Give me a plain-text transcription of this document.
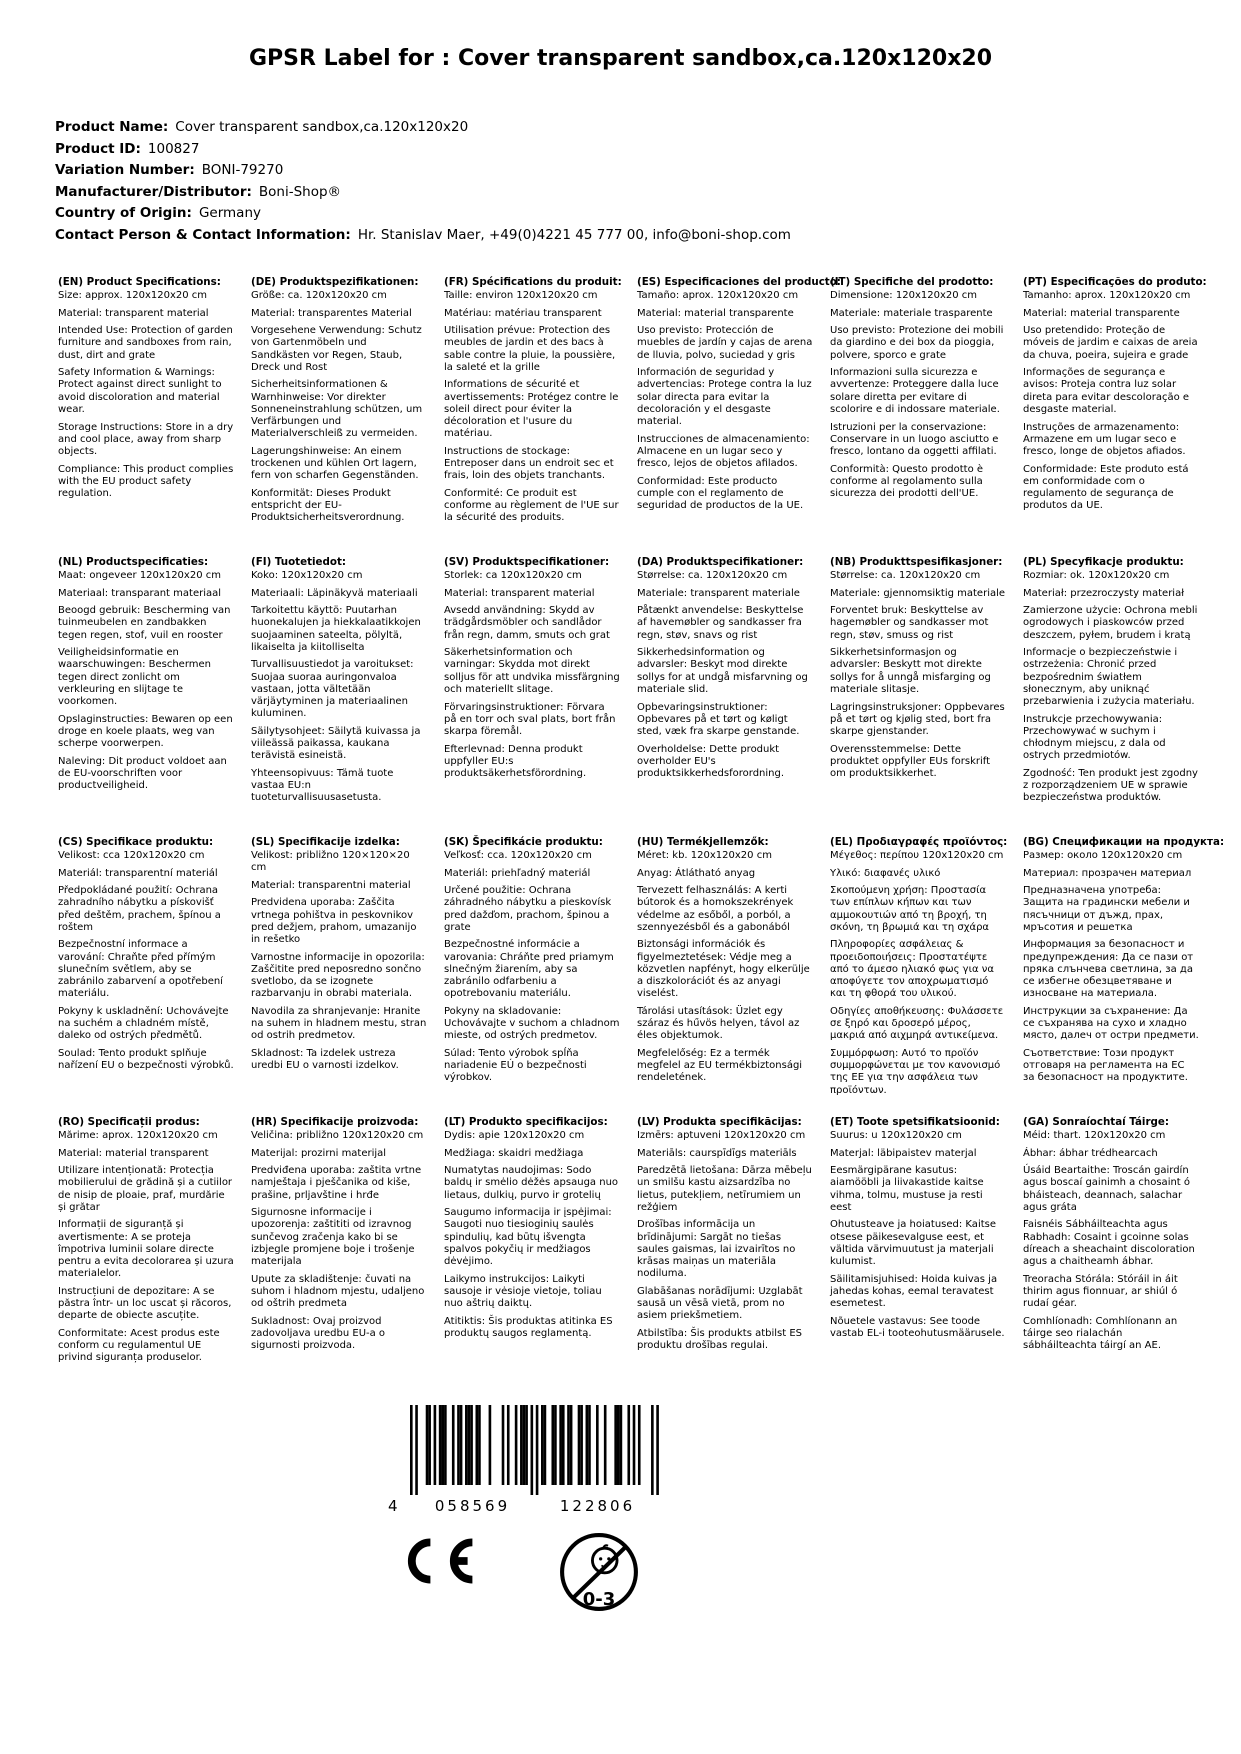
GPSR Label for : Cover transparent sandbox,ca.120x120x20
Product Name: Cover transparent sandbox,ca.120x120x20
Product ID: 100827
Variation Number: BONI-79270
Manufacturer/Distributor: Boni-Shop®
Country of Origin: Germany
Contact Person & Contact Information: Hr. Stanislav Maer, +49(0)4221 45 777 00, info@boni-shop.com
(EN) Product Specifications:

Size: approx. 120x120x20 cm

Material: transparent material

Intended Use: Protection of garden furniture and sandboxes from rain, dust, dirt and grate

Safety Information & Warnings: Protect against direct sunlight to avoid discoloration and material wear.

Storage Instructions: Store in a dry and cool place, away from sharp objects.

Compliance: This product complies with the EU product safety regulation.

(DE) Produktspezifikationen:

Größe: ca. 120x120x20 cm

Material: transparentes Material

Vorgesehene Verwendung: Schutz von Gartenmöbeln und Sandkästen vor Regen, Staub, Dreck und Rost

Sicherheitsinformationen & Warnhinweise: Vor direkter Sonneneinstrahlung schützen, um Verfärbungen und Materialverschleiß zu vermeiden.

Lagerungshinweise: An einem trockenen und kühlen Ort lagern, fern von scharfen Gegenständen.

Konformität: Dieses Produkt entspricht der EU-Produktsicherheitsverordnung.

(FR) Spécifications du produit:

Taille: environ 120x120x20 cm

Matériau: matériau transparent

Utilisation prévue: Protection des meubles de jardin et des bacs à sable contre la pluie, la poussière, la saleté et la grille

Informations de sécurité et avertissements: Protégez contre le soleil direct pour éviter la décoloration et l'usure du matériau.

Instructions de stockage: Entreposer dans un endroit sec et frais, loin des objets tranchants.

Conformité: Ce produit est conforme au règlement de l'UE sur la sécurité des produits.

(ES) Especificaciones del producto:

Tamaño: aprox. 120x120x20 cm

Material: material transparente

Uso previsto: Protección de muebles de jardín y cajas de arena de lluvia, polvo, suciedad y gris

Información de seguridad y advertencias: Protege contra la luz solar directa para evitar la decoloración y el desgaste material.

Instrucciones de almacenamiento: Almacene en un lugar seco y fresco, lejos de objetos afilados.

Conformidad: Este producto cumple con el reglamento de seguridad de productos de la UE.

(IT) Specifiche del prodotto:

Dimensione: 120x120x20 cm

Materiale: materiale trasparente

Uso previsto: Protezione dei mobili da giardino e dei box da pioggia, polvere, sporco e grate

Informazioni sulla sicurezza e avvertenze: Proteggere dalla luce solare diretta per evitare di scolorire e di indossare materiale.

Istruzioni per la conservazione: Conservare in un luogo asciutto e fresco, lontano da oggetti affilati.

Conformità: Questo prodotto è conforme al regolamento sulla sicurezza dei prodotti dell'UE.

(PT) Especificações do produto:

Tamanho: aprox. 120x120x20 cm

Material: material transparente

Uso pretendido: Proteção de móveis de jardim e caixas de areia da chuva, poeira, sujeira e grade

Informações de segurança e avisos: Proteja contra luz solar direta para evitar descoloração e desgaste material.

Instruções de armazenamento: Armazene em um lugar seco e fresco, longe de objetos afiados.

Conformidade: Este produto está em conformidade com o regulamento de segurança de produtos da UE.

(NL) Productspecificaties:

Maat: ongeveer 120x120x20 cm

Materiaal: transparant materiaal

Beoogd gebruik: Bescherming van tuinmeubelen en zandbakken tegen regen, stof, vuil en rooster

Veiligheidsinformatie en waarschuwingen: Beschermen tegen direct zonlicht om verkleuring en slijtage te voorkomen.

Opslaginstructies: Bewaren op een droge en koele plaats, weg van scherpe voorwerpen.

Naleving: Dit product voldoet aan de EU-voorschriften voor productveiligheid.

(FI) Tuotetiedot:

Koko: 120x120x20 cm

Materiaali: Läpinäkyvä materiaali

Tarkoitettu käyttö: Puutarhan huonekalujen ja hiekkalaatikkojen suojaaminen sateelta, pölyltä, likaiselta ja kiitolliselta

Turvallisuustiedot ja varoitukset: Suojaa suoraa auringonvaloa vastaan, jotta vältetään värjäytyminen ja materiaalinen kuluminen.

Säilytysohjeet: Säilytä kuivassa ja viileässä paikassa, kaukana terävistä esineistä.

Yhteensopivuus: Tämä tuote vastaa EU:n tuoteturvallisuusasetusta.

(SV) Produktspecifikationer:

Storlek: ca 120x120x20 cm

Material: transparent material

Avsedd användning: Skydd av trädgårdsmöbler och sandlådor från regn, damm, smuts och grat

Säkerhetsinformation och varningar: Skydda mot direkt solljus för att undvika missfärgning och materiellt slitage.

Förvaringsinstruktioner: Förvara på en torr och sval plats, bort från skarpa föremål.

Efterlevnad: Denna produkt uppfyller EU:s produktsäkerhetsförordning.

(DA) Produktspecifikationer:

Størrelse: ca. 120x120x20 cm

Materiale: transparent materiale

Påtænkt anvendelse: Beskyttelse af havemøbler og sandkasser fra regn, støv, snavs og rist

Sikkerhedsinformation og advarsler: Beskyt mod direkte sollys for at undgå misfarvning og materiale slid.

Opbevaringsinstruktioner: Opbevares på et tørt og køligt sted, væk fra skarpe genstande.

Overholdelse: Dette produkt overholder EU's produktsikkerhedsforordning.

(NB) Produkttspesifikasjoner:

Størrelse: ca. 120x120x20 cm

Materiale: gjennomsiktig materiale

Forventet bruk: Beskyttelse av hagemøbler og sandkasser mot regn, støv, smuss og rist

Sikkerhetsinformasjon og advarsler: Beskytt mot direkte sollys for å unngå misfarging og materiale slitasje.

Lagringsinstruksjoner: Oppbevares på et tørt og kjølig sted, bort fra skarpe gjenstander.

Overensstemmelse: Dette produktet oppfyller EUs forskrift om produktsikkerhet.

(PL) Specyfikacje produktu:

Rozmiar: ok. 120x120x20 cm

Materiał: przezroczysty materiał

Zamierzone użycie: Ochrona mebli ogrodowych i piaskowców przed deszczem, pyłem, brudem i kratą

Informacje o bezpieczeństwie i ostrzeżenia: Chronić przed bezpośrednim światłem słonecznym, aby uniknąć przebarwienia i zużycia materiału.

Instrukcje przechowywania: Przechowywać w suchym i chłodnym miejscu, z dala od ostrych przedmiotów.

Zgodność: Ten produkt jest zgodny z rozporządzeniem UE w sprawie bezpieczeństwa produktów.

(CS) Specifikace produktu:

Velikost: cca 120x120x20 cm

Materiál: transparentní materiál

Předpokládané použití: Ochrana zahradního nábytku a pískovišť před deštěm, prachem, špínou a roštem

Bezpečnostní informace a varování: Chraňte před přímým slunečním světlem, aby se zabránilo zabarvení a opotřebení materiálu.

Pokyny k uskladnění: Uchovávejte na suchém a chladném místě, daleko od ostrých předmětů.

Soulad: Tento produkt splňuje nařízení EU o bezpečnosti výrobků.

(SL) Specifikacije izdelka:

Velikost: približno 120×120×20 cm

Material: transparentni material

Predvidena uporaba: Zaščita vrtnega pohištva in peskovnikov pred dežjem, prahom, umazanijo in rešetko

Varnostne informacije in opozorila: Zaščitite pred neposredno sončno svetlobo, da se izognete razbarvanju in obrabi materiala.

Navodila za shranjevanje: Hranite na suhem in hladnem mestu, stran od ostrih predmetov.

Skladnost: Ta izdelek ustreza uredbi EU o varnosti izdelkov.

(SK) Špecifikácie produktu:

Veľkosť: cca. 120x120x20 cm

Materiál: priehľadný materiál

Určené použitie: Ochrana záhradného nábytku a pieskovísk pred dažďom, prachom, špinou a grate

Bezpečnostné informácie a varovania: Chráňte pred priamym slnečným žiarením, aby sa zabránilo odfarbeniu a opotrebovaniu materiálu.

Pokyny na skladovanie: Uchovávajte v suchom a chladnom mieste, od ostrých predmetov.

Súlad: Tento výrobok spĺňa nariadenie EÚ o bezpečnosti výrobkov.

(HU) Termékjellemzők:

Méret: kb. 120x120x20 cm

Anyag: Átlátható anyag

Tervezett felhasználás: A kerti bútorok és a homokszekrények védelme az esőből, a porból, a szennyezésből és a gabonából

Biztonsági információk és figyelmeztetések: Védje meg a közvetlen napfényt, hogy elkerülje a diszkolorációt és az anyagi viselést.

Tárolási utasítások: Üzlet egy száraz és hűvös helyen, távol az éles objektumok.

Megfelelőség: Ez a termék megfelel az EU termékbiztonsági rendeletének.

(EL) Προδιαγραφές προϊόντος:

Μέγεθος: περίπου 120x120x20 cm

Υλικό: διαφανές υλικό

Σκοπούμενη χρήση: Προστασία των επίπλων κήπων και των αμμοκουτιών από τη βροχή, τη σκόνη, τη βρωμιά και τη σχάρα

Πληροφορίες ασφάλειας & προειδοποιήσεις: Προστατέψτε από το άμεσο ηλιακό φως για να αποφύγετε τον αποχρωματισμό και τη φθορά του υλικού.

Οδηγίες αποθήκευσης: Φυλάσσετε σε ξηρό και δροσερό μέρος, μακριά από αιχμηρά αντικείμενα.

Συμμόρφωση: Αυτό το προϊόν συμμορφώνεται με τον κανονισμό της ΕΕ για την ασφάλεια των προϊόντων.

(BG) Спецификации на продукта:

Размер: около 120x120x20 cm

Материал: прозрачен материал

Предназначена употреба: Защита на градински мебели и пясъчници от дъжд, прах, мръсотия и решетка

Информация за безопасност и предупреждения: Да се пази от пряка слънчева светлина, за да се избегне обезцветяване и износване на материала.

Инструкции за съхранение: Да се съхранява на сухо и хладно място, далеч от остри предмети.

Съответствие: Този продукт отговаря на регламента на ЕС за безопасност на продуктите.

(RO) Specificații produs:

Mărime: aprox. 120x120x20 cm

Material: material transparent

Utilizare intenționată: Protecția mobilierului de grădină și a cutiilor de nisip de ploaie, praf, murdărie și grătar

Informații de siguranță și avertismente: A se proteja împotriva luminii solare directe pentru a evita decolorarea și uzura materialelor.

Instrucțiuni de depozitare: A se păstra într- un loc uscat și răcoros, departe de obiecte ascuțite.

Conformitate: Acest produs este conform cu regulamentul UE privind siguranța produselor.

(HR) Specifikacije proizvoda:

Veličina: približno 120x120x20 cm

Materijal: prozirni materijal

Predviđena uporaba: zaštita vrtne namještaja i pješčanika od kiše, prašine, prljavštine i hrđe

Sigurnosne informacije i upozorenja: zaštititi od izravnog sunčevog zračenja kako bi se izbjegle promjene boje i trošenje materijala

Upute za skladištenje: čuvati na suhom i hladnom mjestu, udaljeno od oštrih predmeta

Sukladnost: Ovaj proizvod zadovoljava uredbu EU-a o sigurnosti proizvoda.

(LT) Produkto specifikacijos:

Dydis: apie 120x120x20 cm

Medžiaga: skaidri medžiaga

Numatytas naudojimas: Sodo baldų ir smėlio dėžės apsauga nuo lietaus, dulkių, purvo ir grotelių

Saugumo informacija ir įspėjimai: Saugoti nuo tiesioginių saulės spindulių, kad būtų išvengta spalvos pokyčių ir medžiagos dėvėjimo.

Laikymo instrukcijos: Laikyti sausoje ir vėsioje vietoje, toliau nuo aštrių daiktų.

Atitiktis: Šis produktas atitinka ES produktų saugos reglamentą.

(LV) Produkta specifikācijas:

Izmērs: aptuveni 120x120x20 cm

Materiāls: caurspīdīgs materiāls

Paredzētā lietošana: Dārza mēbeļu un smilšu kastu aizsardzība no lietus, putekļiem, netīrumiem un režģiem

Drošības informācija un brīdinājumi: Sargāt no tiešas saules gaismas, lai izvairītos no krāsas maiņas un materiāla nodiluma.

Glabāšanas norādījumi: Uzglabāt sausā un vēsā vietā, prom no asiem priekšmetiem.

Atbilstība: Šis produkts atbilst ES produktu drošības regulai.

(ET) Toote spetsifikatsioonid:

Suurus: u 120x120x20 cm

Materjal: läbipaistev materjal

Eesmärgipärane kasutus: aiamööbli ja liivakastide kaitse vihma, tolmu, mustuse ja resti eest

Ohutusteave ja hoiatused: Kaitse otsese päikesevalguse eest, et vältida värvimuutust ja materjali kulumist.

Säilitamisjuhised: Hoida kuivas ja jahedas kohas, eemal teravatest esemetest.

Nõuetele vastavus: See toode vastab EL-i tooteohutusmäärusele.

(GA) Sonraíochtaí Táirge:

Méid: thart. 120x120x20 cm

Ábhar: ábhar trédhearcach

Úsáid Beartaithe: Troscán gairdín agus boscaí gainimh a chosaint ó bháisteach, deannach, salachar agus gráta

Faisnéis Sábháilteachta agus Rabhadh: Cosaint i gcoinne solas díreach a sheachaint discoloration agus a chaitheamh ábhar.

Treoracha Stórála: Stóráil in áit thirim agus fionnuar, ar shiúl ó rudaí géar.

Comhlíonadh: Comhlíonann an táirge seo rialachán sábháilteachta táirgí an AE.

4	058569	122806
0-3
